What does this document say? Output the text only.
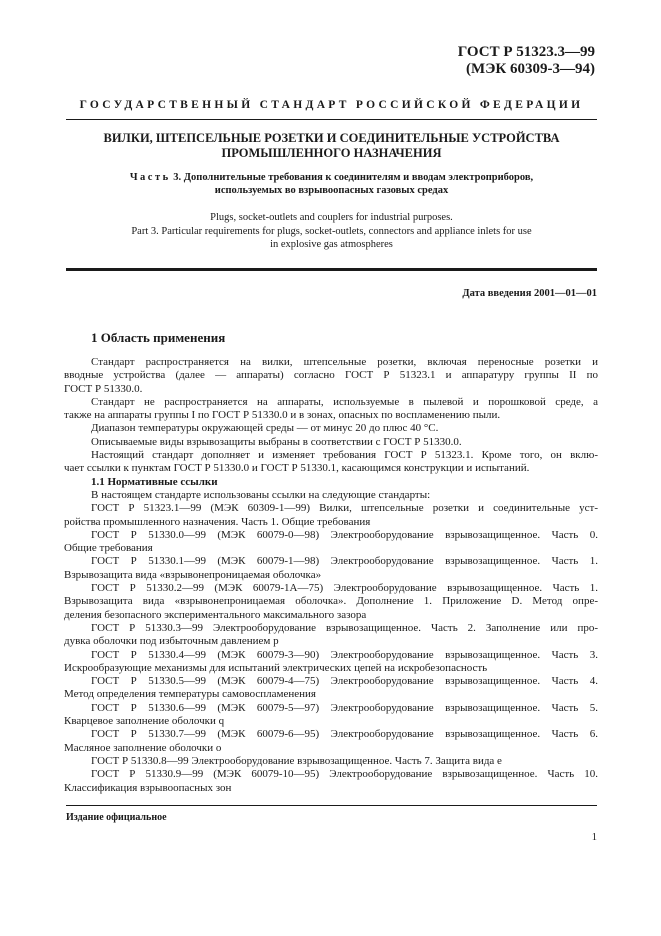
ГОСТ Р 51323.3—99
(МЭК 60309-3—94)
ГОСУДАРСТВЕННЫЙ СТАНДАРТ РОССИЙСКОЙ ФЕДЕРАЦИИ
ВИЛКИ, ШТЕПСЕЛЬНЫЕ РОЗЕТКИ И СОЕДИНИТЕЛЬНЫЕ УСТРОЙСТВА
ПРОМЫШЛЕННОГО НАЗНАЧЕНИЯ
Часть 3. Дополнительные требования к соединителям и вводам электроприборов,
используемых во взрывоопасных газовых средах
Plugs, socket-outlets and couplers for industrial purposes.
Part 3. Particular requirements for plugs, socket-outlets, connectors and appliance inlets for use
in explosive gas atmospheres
Дата введения 2001—01—01
1 Область применения
Стандарт распространяется на вилки, штепсельные розетки, включая переносные розетки и
вводные устройства (далее — аппараты) согласно ГОСТ Р 51323.1 и аппаратуру группы II по
ГОСТ Р 51330.0.
Стандарт не распространяется на аппараты, используемые в пылевой и порошковой среде, а
также на аппараты группы I по ГОСТ Р 51330.0 и в зонах, опасных по воспламенению пыли.
Диапазон температуры окружающей среды — от минус 20 до плюс 40 °С.
Описываемые виды взрывозащиты выбраны в соответствии с ГОСТ Р 51330.0.
Настоящий стандарт дополняет и изменяет требования ГОСТ Р 51323.1. Кроме того, он вклю-
чает ссылки к пунктам ГОСТ Р 51330.0 и ГОСТ Р 51330.1, касающимся конструкции и испытаний.
1.1 Нормативные ссылки
В настоящем стандарте использованы ссылки на следующие стандарты:
ГОСТ Р 51323.1—99 (МЭК 60309-1—99) Вилки, штепсельные розетки и соединительные уст-
ройства промышленного назначения. Часть 1. Общие требования
ГОСТ Р 51330.0—99 (МЭК 60079-0—98) Электрооборудование взрывозащищенное. Часть 0.
Общие требования
ГОСТ Р 51330.1—99 (МЭК 60079-1—98) Электрооборудование взрывозащищенное. Часть 1.
Взрывозащита вида «взрывонепроницаемая оболочка»
ГОСТ Р 51330.2—99 (МЭК 60079-1А—75) Электрооборудование взрывозащищенное. Часть 1.
Взрывозащита вида «взрывонепроницаемая оболочка». Дополнение 1. Приложение D. Метод опре-
деления безопасного экспериментального максимального зазора
ГОСТ Р 51330.3—99 Электрооборудование взрывозащищенное. Часть 2. Заполнение или про-
дувка оболочки под избыточным давлением p
ГОСТ Р 51330.4—99 (МЭК 60079-3—90) Электрооборудование взрывозащищенное. Часть 3.
Искрообразующие механизмы для испытаний электрических цепей на искробезопасность
ГОСТ Р 51330.5—99 (МЭК 60079-4—75) Электрооборудование взрывозащищенное. Часть 4.
Метод определения температуры самовоспламенения
ГОСТ Р 51330.6—99 (МЭК 60079-5—97) Электрооборудование взрывозащищенное. Часть 5.
Кварцевое заполнение оболочки q
ГОСТ Р 51330.7—99 (МЭК 60079-6—95) Электрооборудование взрывозащищенное. Часть 6.
Масляное заполнение оболочки o
ГОСТ Р 51330.8—99 Электрооборудование взрывозащищенное. Часть 7. Защита вида e
ГОСТ Р 51330.9—99 (МЭК 60079-10—95) Электрооборудование взрывозащищенное. Часть 10.
Классификация взрывоопасных зон
Издание официальное
1
